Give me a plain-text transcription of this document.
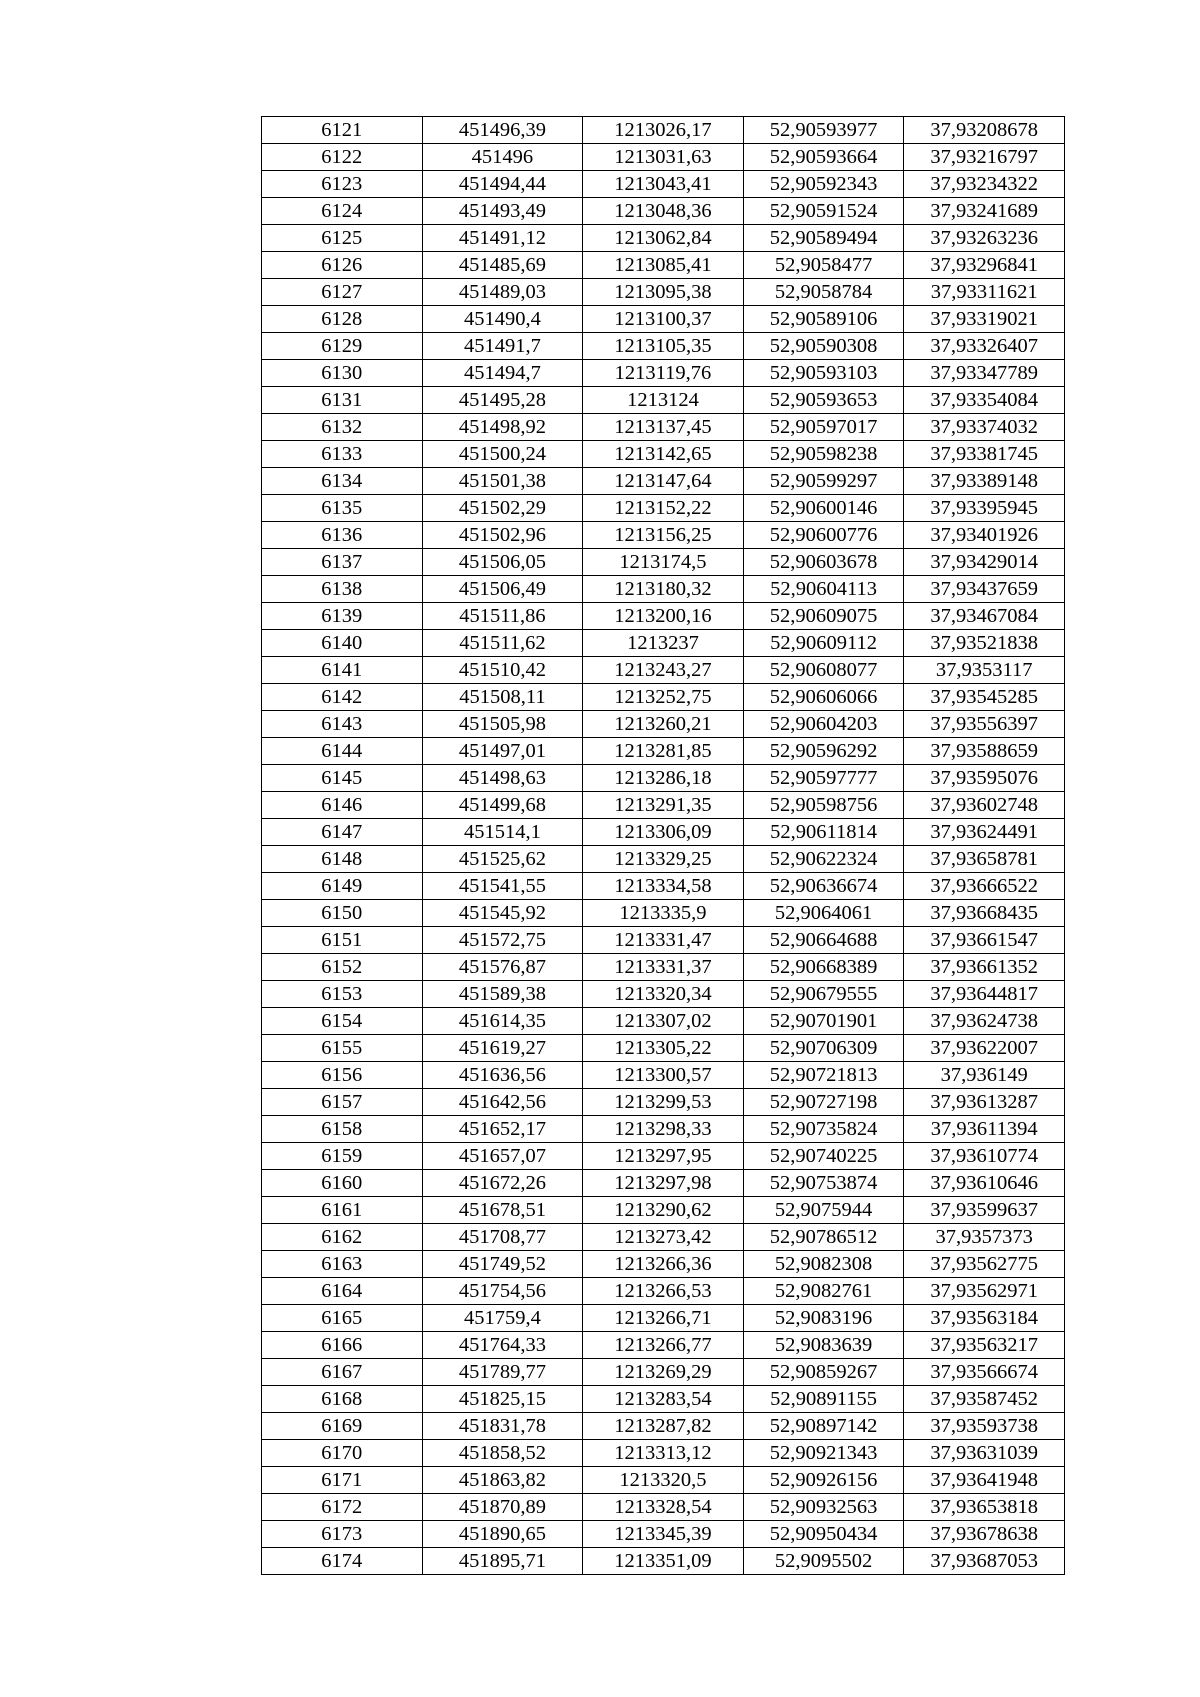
6121	451496,39	1213026,17	52,90593977	37,93208678
6122	451496	1213031,63	52,90593664	37,93216797
6123	451494,44	1213043,41	52,90592343	37,93234322
6124	451493,49	1213048,36	52,90591524	37,93241689
6125	451491,12	1213062,84	52,90589494	37,93263236
6126	451485,69	1213085,41	52,9058477	37,93296841
6127	451489,03	1213095,38	52,9058784	37,93311621
6128	451490,4	1213100,37	52,90589106	37,93319021
6129	451491,7	1213105,35	52,90590308	37,93326407
6130	451494,7	1213119,76	52,90593103	37,93347789
6131	451495,28	1213124	52,90593653	37,93354084
6132	451498,92	1213137,45	52,90597017	37,93374032
6133	451500,24	1213142,65	52,90598238	37,93381745
6134	451501,38	1213147,64	52,90599297	37,93389148
6135	451502,29	1213152,22	52,90600146	37,93395945
6136	451502,96	1213156,25	52,90600776	37,93401926
6137	451506,05	1213174,5	52,90603678	37,93429014
6138	451506,49	1213180,32	52,90604113	37,93437659
6139	451511,86	1213200,16	52,90609075	37,93467084
6140	451511,62	1213237	52,90609112	37,93521838
6141	451510,42	1213243,27	52,90608077	37,9353117
6142	451508,11	1213252,75	52,90606066	37,93545285
6143	451505,98	1213260,21	52,90604203	37,93556397
6144	451497,01	1213281,85	52,90596292	37,93588659
6145	451498,63	1213286,18	52,90597777	37,93595076
6146	451499,68	1213291,35	52,90598756	37,93602748
6147	451514,1	1213306,09	52,90611814	37,93624491
6148	451525,62	1213329,25	52,90622324	37,93658781
6149	451541,55	1213334,58	52,90636674	37,93666522
6150	451545,92	1213335,9	52,9064061	37,93668435
6151	451572,75	1213331,47	52,90664688	37,93661547
6152	451576,87	1213331,37	52,90668389	37,93661352
6153	451589,38	1213320,34	52,90679555	37,93644817
6154	451614,35	1213307,02	52,90701901	37,93624738
6155	451619,27	1213305,22	52,90706309	37,93622007
6156	451636,56	1213300,57	52,90721813	37,936149
6157	451642,56	1213299,53	52,90727198	37,93613287
6158	451652,17	1213298,33	52,90735824	37,93611394
6159	451657,07	1213297,95	52,90740225	37,93610774
6160	451672,26	1213297,98	52,90753874	37,93610646
6161	451678,51	1213290,62	52,9075944	37,93599637
6162	451708,77	1213273,42	52,90786512	37,9357373
6163	451749,52	1213266,36	52,9082308	37,93562775
6164	451754,56	1213266,53	52,9082761	37,93562971
6165	451759,4	1213266,71	52,9083196	37,93563184
6166	451764,33	1213266,77	52,9083639	37,93563217
6167	451789,77	1213269,29	52,90859267	37,93566674
6168	451825,15	1213283,54	52,90891155	37,93587452
6169	451831,78	1213287,82	52,90897142	37,93593738
6170	451858,52	1213313,12	52,90921343	37,93631039
6171	451863,82	1213320,5	52,90926156	37,93641948
6172	451870,89	1213328,54	52,90932563	37,93653818
6173	451890,65	1213345,39	52,90950434	37,93678638
6174	451895,71	1213351,09	52,9095502	37,93687053
